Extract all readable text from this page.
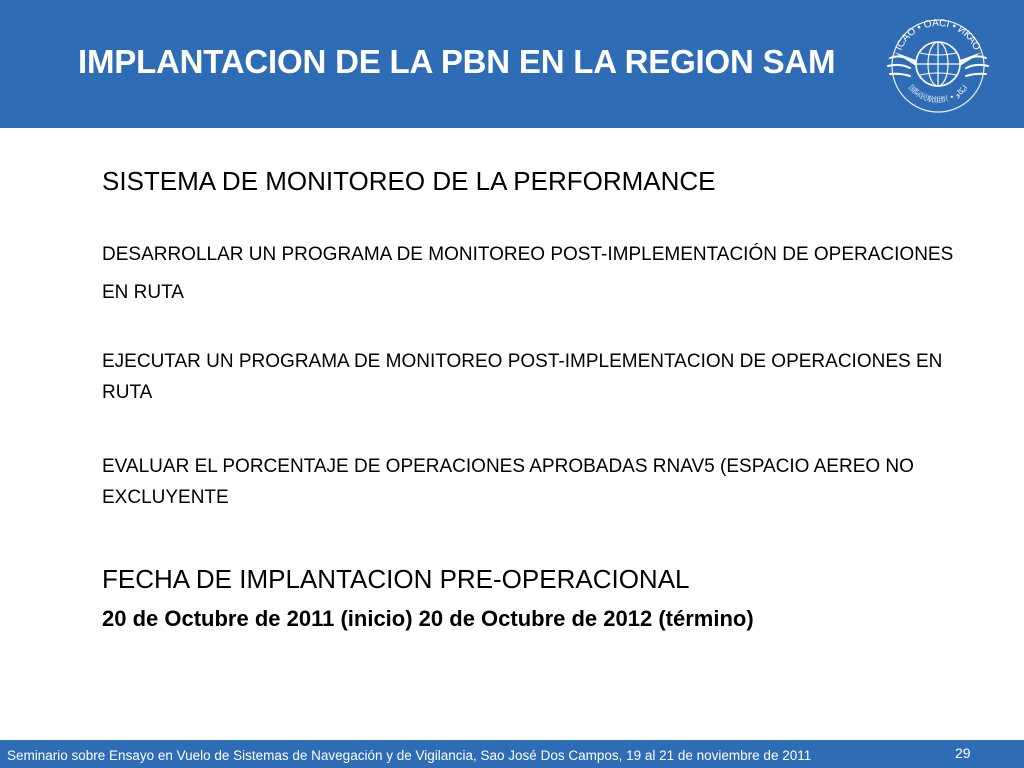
IMPLANTACION DE LA PBN EN LA REGION SAM	ICAO • OACI • ИКАО
国际民航组织 • ايكاو
SISTEMA DE MONITOREO DE LA PERFORMANCE
DESARROLLAR UN PROGRAMA DE MONITOREO POST-IMPLEMENTACIÓN DE OPERACIONES EN RUTA
EJECUTAR UN PROGRAMA DE MONITOREO POST-IMPLEMENTACION DE OPERACIONES EN RUTA
EVALUAR EL PORCENTAJE DE OPERACIONES APROBADAS RNAV5 (ESPACIO AEREO NO EXCLUYENTE
FECHA DE IMPLANTACION PRE-OPERACIONAL
20 de Octubre de 2011 (inicio) 20 de Octubre de 2012 (término)
Seminario sobre Ensayo en Vuelo de Sistemas de Navegación y de Vigilancia, Sao José Dos Campos, 19 al 21 de noviembre de 2011	29
